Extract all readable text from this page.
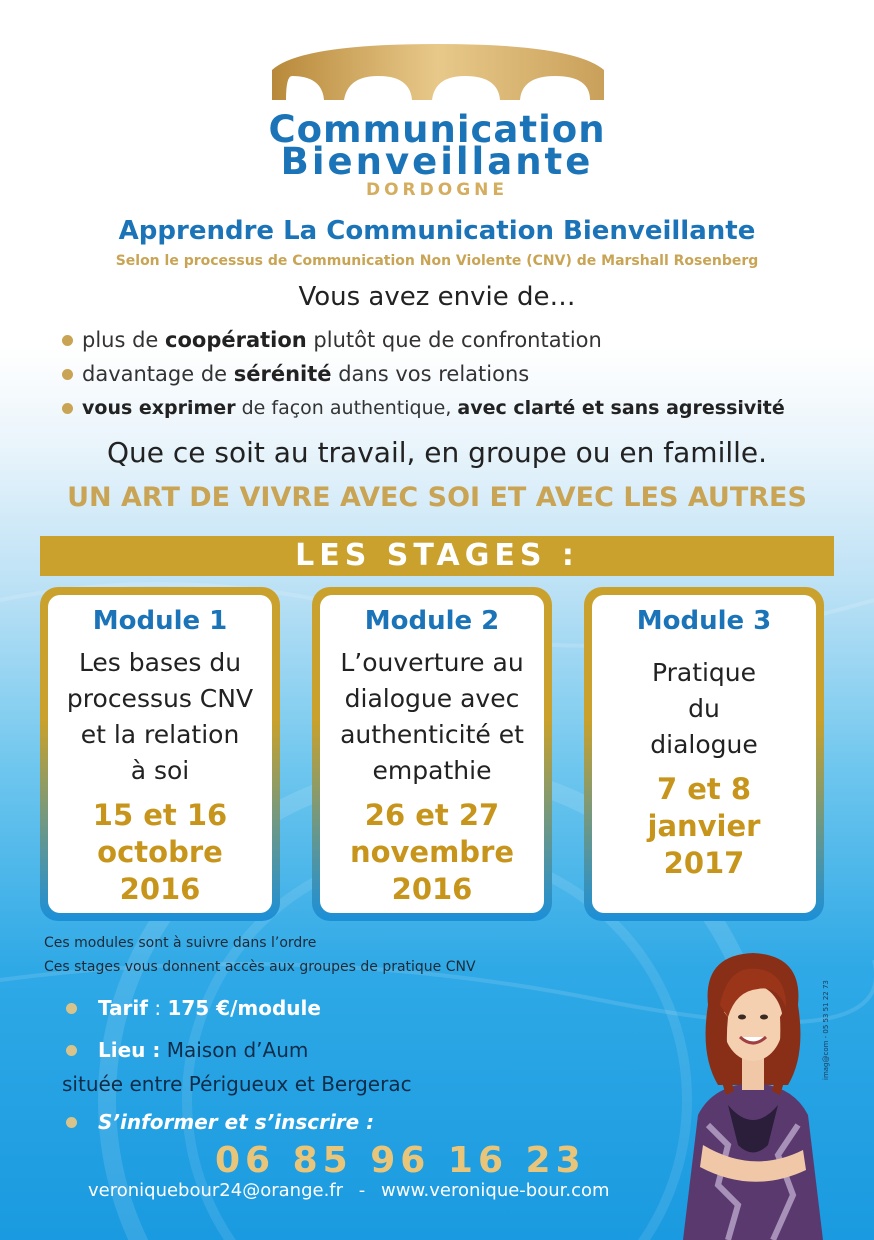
Communication
Bienveillante
DORDOGNE
Apprendre La Communication Bienveillante
Selon le processus de Communication Non Violente (CNV) de Marshall Rosenberg
Vous avez envie de…
plus de coopération plutôt que de confrontation
davantage de sérénité dans vos relations
vous exprimer de façon authentique, avec clarté et sans agressivité
Que ce soit au travail, en groupe ou en famille.
UN ART DE VIVRE AVEC SOI ET AVEC LES AUTRES
LES STAGES :
Module 1
Les bases du
processus CNV
et la relation
à soi
15 et 16
octobre
2016
Module 2
L’ouverture au
dialogue avec
authenticité et
empathie
26 et 27
novembre
2016
Module 3
Pratique
du
dialogue
7 et 8
janvier
2017
Ces modules sont à suivre dans l’ordre
Ces stages vous donnent accès aux groupes de pratique CNV
Tarif : 175 €/module
Lieu : Maison d’Aum
située entre Périgueux et Bergerac
S’informer et s’inscrire :
06 85 96 16 23
veroniquebour24@orange.fr - www.veronique-bour.com
imag@com - 05 53 51 22 73
